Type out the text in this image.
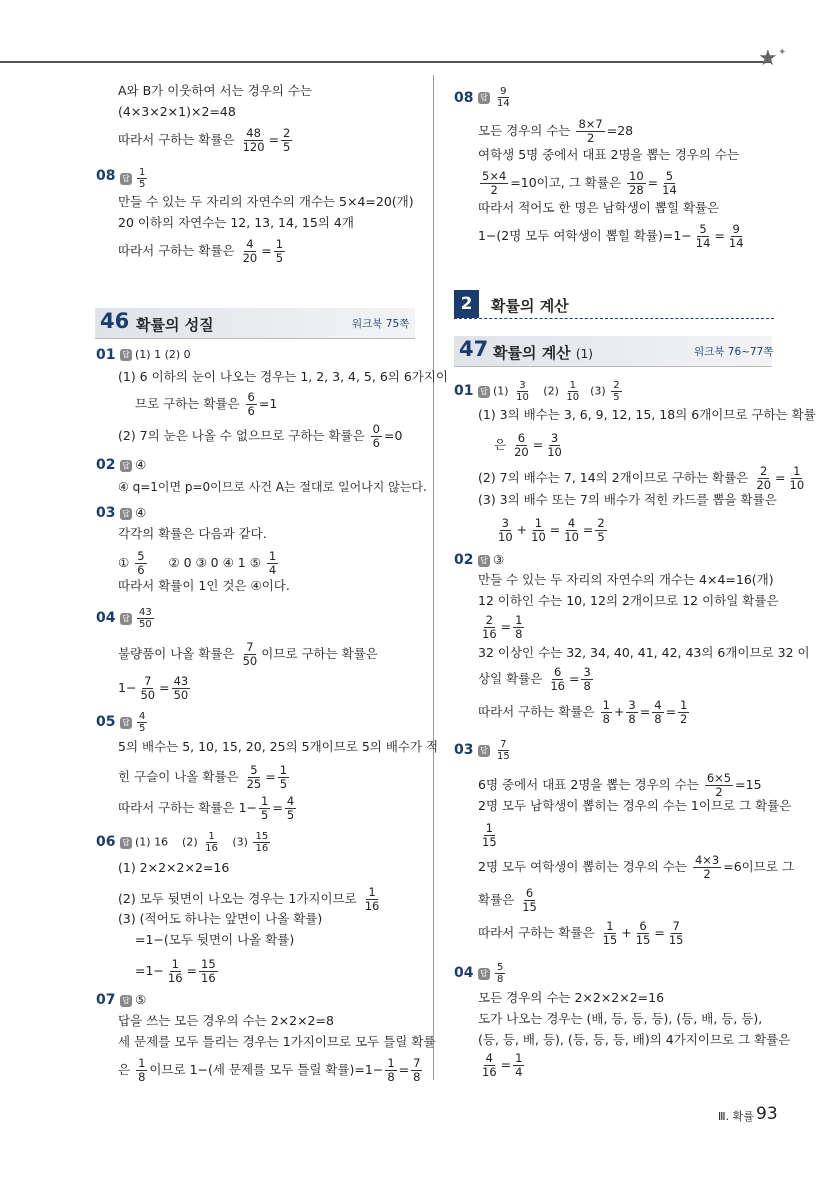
★ ✦
A와 B가 이웃하여 서는 경우의 수는
(4×3×2×1)×2=48
따라서 구하는 확률은 $\frac{48}{120} = \frac{2}{5}$
08 답 $\frac{1}{5}$
만들 수 있는 두 자리의 자연수의 개수는 5×4=20(개)
20 이하의 자연수는 12, 13, 14, 15의 4개
따라서 구하는 확률은 $\frac{4}{20} = \frac{1}{5}$
46 확률의 성질	워크북 75쪽
01 답 (1) 1 (2) 0
(1) 6 이하의 눈이 나오는 경우는 1, 2, 3, 4, 5, 6의 6가지이
므로 구하는 확률은 $\frac{6}{6} =1$
(2) 7의 눈은 나올 수 없으므로 구하는 확률은 $\frac{0}{6} =0$
02 답 ④
④ q=1이면 p=0이므로 사건 A는 절대로 일어나지 않는다.
03 답 ④
각각의 확률은 다음과 같다.
① $\frac{5}{6}$ ② 0 ③ 0 ④ 1 ⑤ $\frac{1}{4}$
따라서 확률이 1인 것은 ④이다.
04 답 $\frac{43}{50}$
불량품이 나올 확률은 $\frac{7}{50}$ 이므로 구하는 확률은
$1- \frac{7}{50} = \frac{43}{50}$
05 답 $\frac{4}{5}$
5의 배수는 5, 10, 15, 20, 25의 5개이므로 5의 배수가 적
힌 구슬이 나올 확률은 $\frac{5}{25} = \frac{1}{5}$
따라서 구하는 확률은 $1- \frac{1}{5} = \frac{4}{5}$
06 답 (1) 16    $(2) \frac{1}{16} (3) \frac{15}{16}$
(1) 2×2×2×2=16
(2) 모두 뒷면이 나오는 경우는 1가지이므로 $\frac{1}{16}$
(3) (적어도 하나는 앞면이 나올 확률)
=1−(모두 뒷면이 나올 확률)
$=1- \frac{1}{16} = \frac{15}{16}$
07 답 ⑤
답을 쓰는 모든 경우의 수는 2×2×2=8
세 문제를 모두 틀리는 경우는 1가지이므로 모두 틀릴 확률
은 $\frac{1}{8}$ 이므로 1−(세 문제를 모두 틀릴 확률)$=1- \frac{1}{8} = \frac{7}{8}$
08 답 $\frac{9}{14}$
모든 경우의 수는 $\frac{8\times 7}{2} =28$
여학생 5명 중에서 대표 2명을 뽑는 경우의 수는
$\frac{5\times 4}{2} =10$이고, 그 확률은 $\frac{10}{28} = \frac{5}{14}$
따라서 적어도 한 명은 남학생이 뽑힐 확률은
1−(2명 모두 여학생이 뽑힐 확률)$=1- \frac{5}{14} = \frac{9}{14}$
2	확률의 계산
47 확률의 계산 (1)	워크북 76~77쪽
01 답 $(1) \frac{3}{10} (2) \frac{1}{10} (3) \frac{2}{5}$
(1) 3의 배수는 3, 6, 9, 12, 15, 18의 6개이므로 구하는 확률
은 $\frac{6}{20} = \frac{3}{10}$
(2) 7의 배수는 7, 14의 2개이므로 구하는 확률은 $\frac{2}{20} = \frac{1}{10}$
(3) 3의 배수 또는 7의 배수가 적힌 카드를 뽑을 확률은
$\frac{3}{10} + \frac{1}{10} = \frac{4}{10} = \frac{2}{5}$
02 답 ③
만들 수 있는 두 자리의 자연수의 개수는 4×4=16(개)
12 이하인 수는 10, 12의 2개이므로 12 이하일 확률은
$\frac{2}{16} = \frac{1}{8}$
32 이상인 수는 32, 34, 40, 41, 42, 43의 6개이므로 32 이
상일 확률은 $\frac{6}{16} = \frac{3}{8}$
따라서 구하는 확률은 $\frac{1}{8} + \frac{3}{8} = \frac{4}{8} = \frac{1}{2}$
03 답 $\frac{7}{15}$
6명 중에서 대표 2명을 뽑는 경우의 수는 $\frac{6\times 5}{2} =15$
2명 모두 남학생이 뽑히는 경우의 수는 1이므로 그 확률은
$\frac{1}{15}$
2명 모두 여학생이 뽑히는 경우의 수는 $\frac{4\times 3}{2} =6$이므로 그
확률은 $\frac{6}{15}$
따라서 구하는 확률은 $\frac{1}{15} + \frac{6}{15} = \frac{7}{15}$
04 답 $\frac{5}{8}$
모든 경우의 수는 2×2×2×2=16
도가 나오는 경우는 (배, 등, 등, 등), (등, 배, 등, 등),
(등, 등, 배, 등), (등, 등, 등, 배)의 4가지이므로 그 확률은
$\frac{4}{16} = \frac{1}{4}$
Ⅲ. 확률 93
